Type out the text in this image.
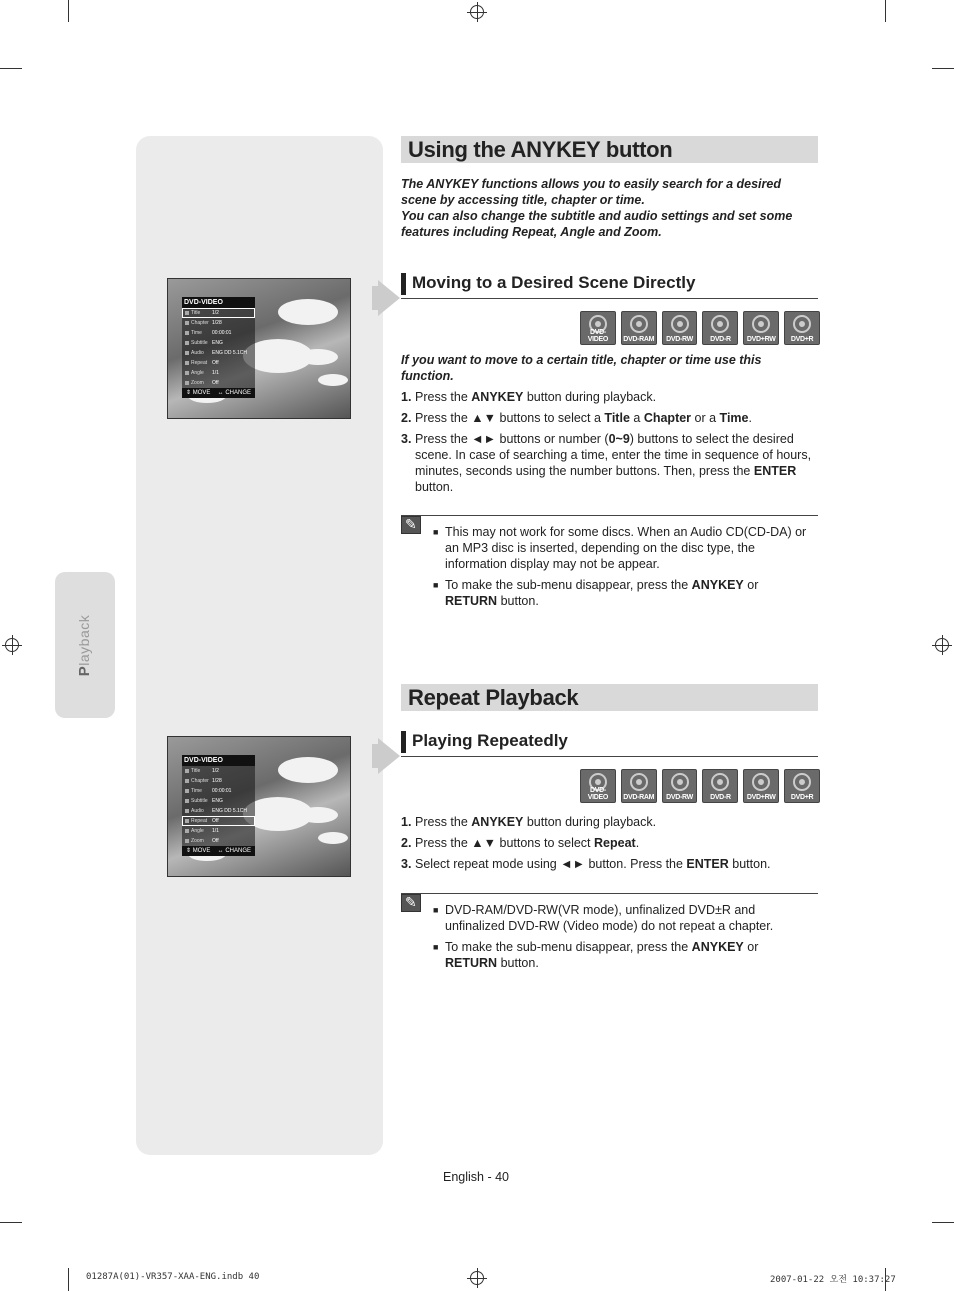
Playback
Using the ANYKEY button
The ANYKEY functions allows you to easily search for a desired
scene by accessing title, chapter or time.
You can also change the subtitle and audio settings and set some
features including Repeat, Angle and Zoom.
Moving to a Desired Scene Directly
DVD-VIDEO	DVD-RAM	DVD-RW	DVD-R	DVD+RW	DVD+R
If you want to move to a certain title, chapter or time use this
function.
1. Press the ANYKEY button during playback.
2. Press the ▲▼ buttons to select a Title a Chapter or a Time.
3. Press the ◄► buttons or number (0~9) buttons to select the desired scene. In case of searching a time, enter the time in sequence of hours, minutes, seconds using the number buttons. Then, press the ENTER button.
✎
■ This may not work for some discs. When an Audio CD(CD-DA) or an MP3 disc is inserted, depending on the disc type, the information display may not be appear.
■ To make the sub-menu disappear, press the ANYKEY or RETURN button.
DVD-VIDEO
Title	1/2
Chapter 1/28
Time	00:00:01
Subtitle ENG
Audio	ENG DD 5.1CH
Repeat Off
Angle	1/1
Zoom	Off
⇕ MOVE ↔ CHANGE
Repeat Playback
Playing Repeatedly
DVD-VIDEO	DVD-RAM	DVD-RW	DVD-R	DVD+RW	DVD+R
1. Press the ANYKEY button during playback.
2. Press the ▲▼ buttons to select Repeat.
3. Select repeat mode using ◄► button. Press the ENTER button.
✎
■ DVD-RAM/DVD-RW(VR mode), unfinalized DVD±R and unfinalized DVD-RW (Video mode) do not repeat a chapter.
■ To make the sub-menu disappear, press the ANYKEY or RETURN button.
DVD-VIDEO
Title	1/2
Chapter 1/28
Time	00:00:01
Subtitle ENG
Audio	ENG DD 5.1CH
Repeat Off
Angle	1/1
Zoom	Off
⇕ MOVE ↔ CHANGE
English - 40
01287A(01)-VR357-XAA-ENG.indb 40	2007-01-22 오전 10:37:27
